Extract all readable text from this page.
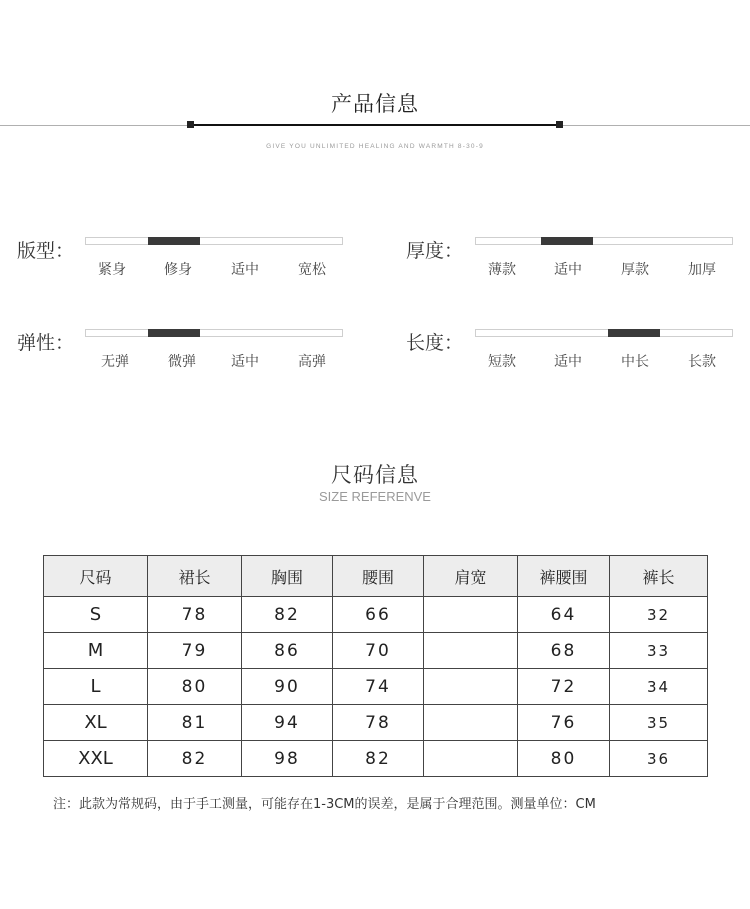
产品信息
GIVE YOU UNLIMITED HEALING AND WARMTH 8-30-9
版型：
紧身	修身	适中	宽松
厚度：
薄款	适中	厚款	加厚
弹性：
无弹	微弹	适中	高弹
长度：
短款	适中	中长	长款
尺码信息
SIZE REFERENVE
尺码	裙长	胸围	腰围	肩宽	裤腰围	裤长
S	78	82	66		64	32
M	79	86	70		68	33
L	80	90	74		72	34
XL	81	94	78		76	35
XXL	82	98	82		80	36
注：此款为常规码，由于手工测量，可能存在1-3CM的误差，是属于合理范围。测量单位：CM
